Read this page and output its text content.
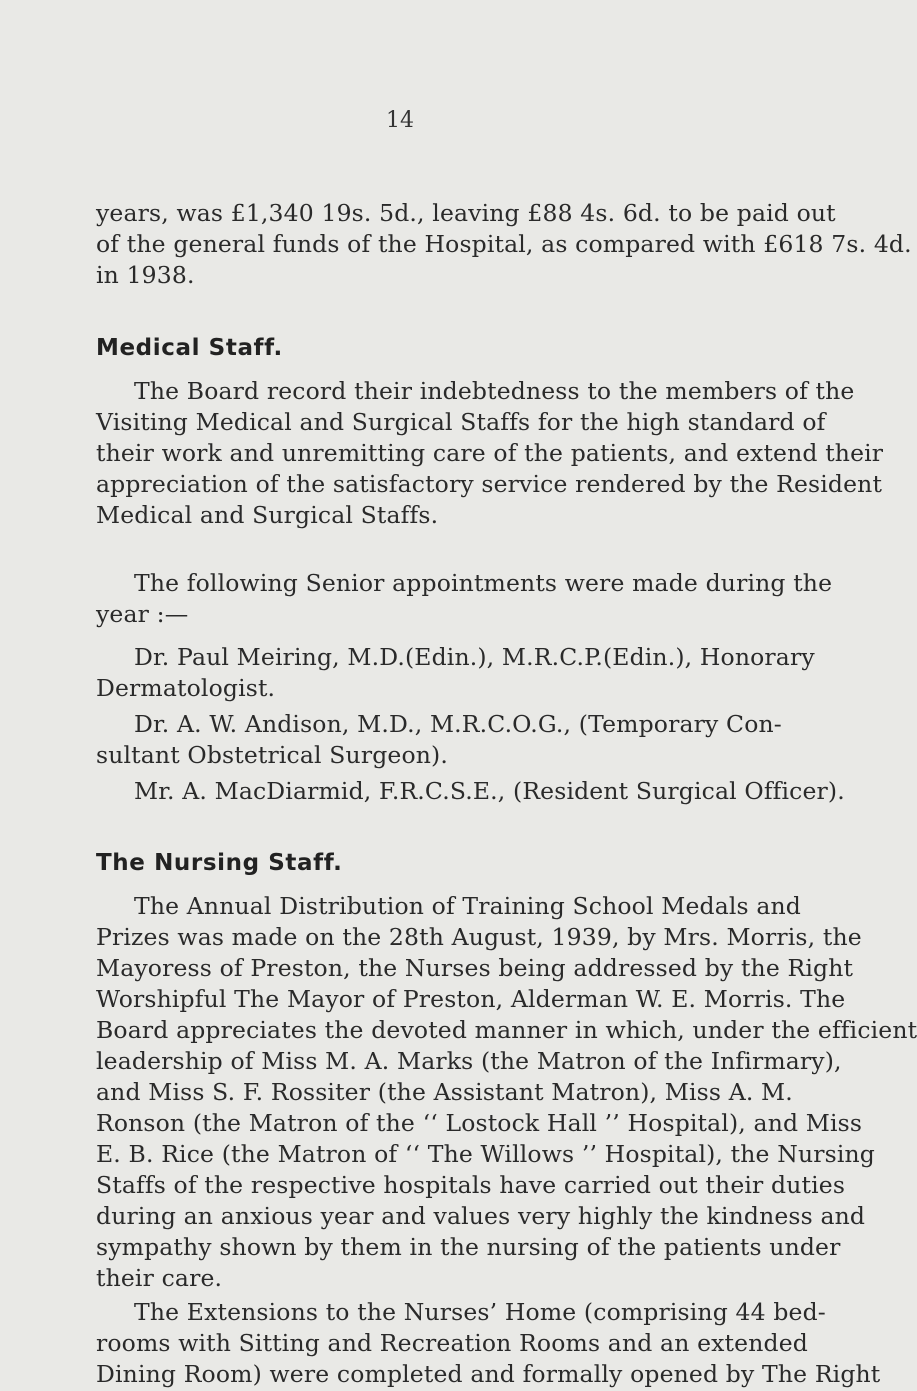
14
years, was £1,340 19s. 5d., leaving £88 4s. 6d. to be paid out
of the general funds of the Hospital, as compared with £618 7s. 4d.
in 1938.
Medical Staff.
The Board record their indebtedness to the members of the
Visiting Medical and Surgical Staffs for the high standard of
their work and unremitting care of the patients, and extend their
appreciation of the satisfactory service rendered by the Resident
Medical and Surgical Staffs.
The following Senior appointments were made during the
year :—
Dr. Paul Meiring, M.D.(Edin.), M.R.C.P.(Edin.), Honorary
Dermatologist.
Dr. A. W. Andison, M.D., M.R.C.O.G., (Temporary Con-
sultant Obstetrical Surgeon).
Mr. A. MacDiarmid, F.R.C.S.E., (Resident Surgical Officer).
The Nursing Staff.
The Annual Distribution of Training School Medals and
Prizes was made on the 28th August, 1939, by Mrs. Morris, the
Mayoress of Preston, the Nurses being addressed by the Right
Worshipful The Mayor of Preston, Alderman W. E. Morris. The
Board appreciates the devoted manner in which, under the efficient
leadership of Miss M. A. Marks (the Matron of the Infirmary),
and Miss S. F. Rossiter (the Assistant Matron), Miss A. M.
Ronson (the Matron of the ‘‘ Lostock Hall ’’ Hospital), and Miss
E. B. Rice (the Matron of ‘‘ The Willows ’’ Hospital), the Nursing
Staffs of the respective hospitals have carried out their duties
during an anxious year and values very highly the kindness and
sympathy shown by them in the nursing of the patients under
their care.
The Extensions to the Nurses’ Home (comprising 44 bed-
rooms with Sitting and Recreation Rooms and an extended
Dining Room) were completed and formally opened by The Right
